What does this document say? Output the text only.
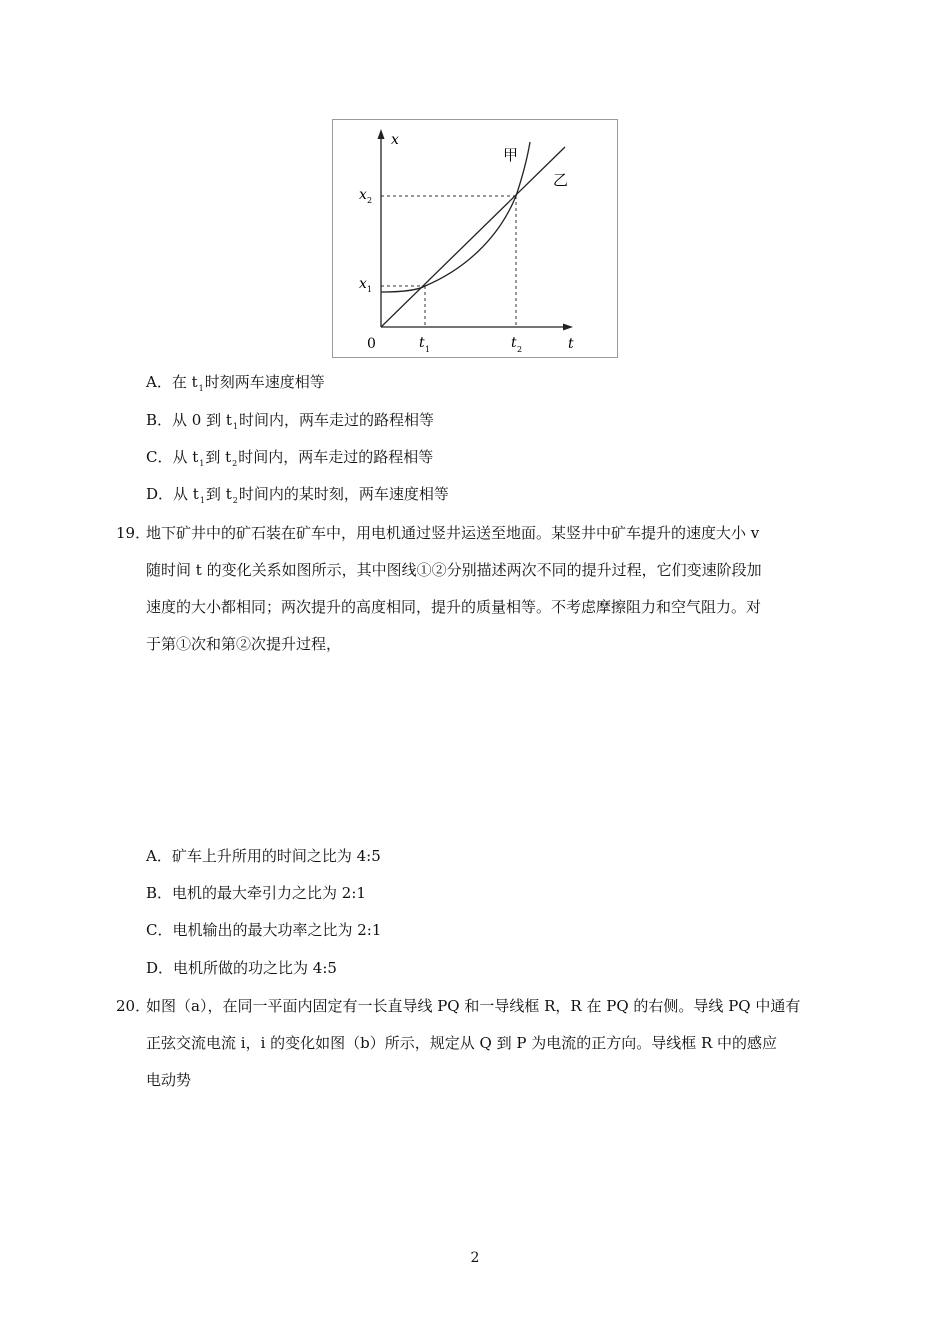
x
t
0
x 1
x 2
t 1	t 2
甲
乙
A．在 $t_1$时刻两车速度相等
B．从 0 到 $t_1$时间内，两车走过的路程相等
C．从 $t_1$到 $t_2$时间内，两车走过的路程相等
D．从 $t_1$到 $t_2$时间内的某时刻，两车速度相等
19．
地下矿井中的矿石装在矿车中，用电机通过竖井运送至地面。某竖井中矿车提升的速度大小 v
随时间 t 的变化关系如图所示，其中图线①②分别描述两次不同的提升过程，它们变速阶段加
速度的大小都相同；两次提升的高度相同，提升的质量相等。不考虑摩擦阻力和空气阻力。对
于第①次和第②次提升过程，
A．矿车上升所用的时间之比为 4:5
B．电机的最大牵引力之比为 2:1
C．电机输出的最大功率之比为 2:1
D．电机所做的功之比为 4:5
20．
如图（a），在同一平面内固定有一长直导线 PQ 和一导线框 R，R 在 PQ 的右侧。导线 PQ 中通有
正弦交流电流 i，i 的变化如图（b）所示，规定从 Q 到 P 为电流的正方向。导线框 R 中的感应
电动势
2
